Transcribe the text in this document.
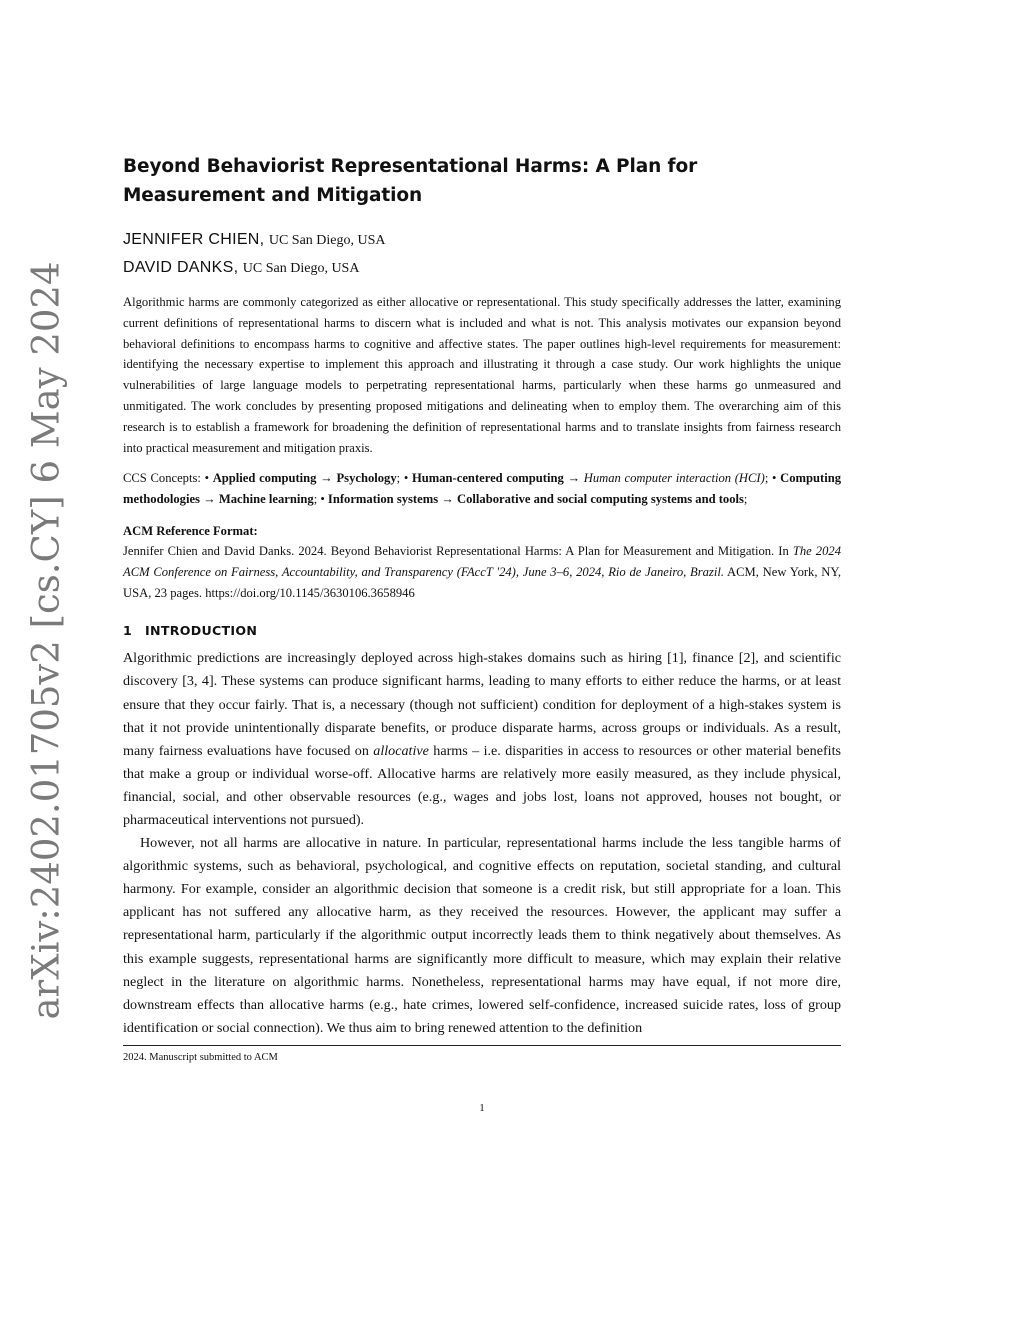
arXiv:2402.01705v2 [cs.CY] 6 May 2024
Beyond Behaviorist Representational Harms: A Plan for Measurement and Mitigation
JENNIFER CHIEN, UC San Diego, USA
DAVID DANKS, UC San Diego, USA
Algorithmic harms are commonly categorized as either allocative or representational. This study specifically addresses the latter, examining current definitions of representational harms to discern what is included and what is not. This analysis motivates our expansion beyond behavioral definitions to encompass harms to cognitive and affective states. The paper outlines high-level requirements for measurement: identifying the necessary expertise to implement this approach and illustrating it through a case study. Our work highlights the unique vulnerabilities of large language models to perpetrating representational harms, particularly when these harms go unmeasured and unmitigated. The work concludes by presenting proposed mitigations and delineating when to employ them. The overarching aim of this research is to establish a framework for broadening the definition of representational harms and to translate insights from fairness research into practical measurement and mitigation praxis.
CCS Concepts: • Applied computing → Psychology; • Human-centered computing → Human computer interaction (HCI); • Computing methodologies → Machine learning; • Information systems → Collaborative and social computing systems and tools;
ACM Reference Format:
Jennifer Chien and David Danks. 2024. Beyond Behaviorist Representational Harms: A Plan for Measurement and Mitigation. In The 2024 ACM Conference on Fairness, Accountability, and Transparency (FAccT '24), June 3–6, 2024, Rio de Janeiro, Brazil. ACM, New York, NY, USA, 23 pages. https://doi.org/10.1145/3630106.3658946
1 INTRODUCTION

Algorithmic predictions are increasingly deployed across high-stakes domains such as hiring [1], finance [2], and scientific discovery [3, 4]. These systems can produce significant harms, leading to many efforts to either reduce the harms, or at least ensure that they occur fairly. That is, a necessary (though not sufficient) condition for deployment of a high-stakes system is that it not provide unintentionally disparate benefits, or produce disparate harms, across groups or individuals. As a result, many fairness evaluations have focused on allocative harms – i.e. disparities in access to resources or other material benefits that make a group or individual worse-off. Allocative harms are relatively more easily measured, as they include physical, financial, social, and other observable resources (e.g., wages and jobs lost, loans not approved, houses not bought, or pharmaceutical interventions not pursued).

However, not all harms are allocative in nature. In particular, representational harms include the less tangible harms of algorithmic systems, such as behavioral, psychological, and cognitive effects on reputation, societal standing, and cultural harmony. For example, consider an algorithmic decision that someone is a credit risk, but still appropriate for a loan. This applicant has not suffered any allocative harm, as they received the resources. However, the applicant may suffer a representational harm, particularly if the algorithmic output incorrectly leads them to think negatively about themselves. As this example suggests, representational harms are significantly more difficult to measure, which may explain their relative neglect in the literature on algorithmic harms. Nonetheless, representational harms may have equal, if not more dire, downstream effects than allocative harms (e.g., hate crimes, lowered self-confidence, increased suicide rates, loss of group identification or social connection). We thus aim to bring renewed attention to the definition

2024. Manuscript submitted to ACM
1
